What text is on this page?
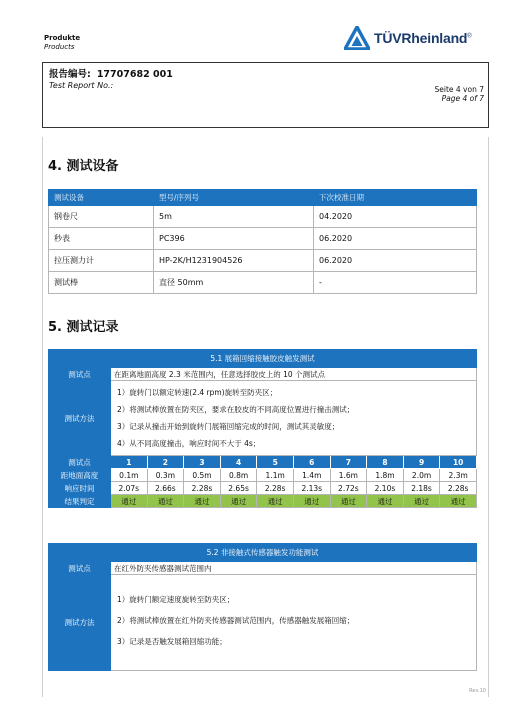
Produkte
Products
TÜVRheinland®
报告编号: 17707682 001
Test Report No.:	Seite 4 von 7
Page 4 of 7
4. 测试设备
测试设备	型号/序列号	下次校准日期
钢卷尺	5m	04.2020
秒表	PC396	06.2020
拉压测力计	HP-2K/H1231904526	06.2020
测试棒	直径 50mm	-
5. 测试记录
5.1 展箱回缩接触胶皮触发测试										
测试点	在距离地面高度 2.3 米范围内，任意选择胶皮上的 10 个测试点									
测试方法	1）旋转门以额定转速(2.4 rpm)旋转至防夹区；
2）将测试棒放置在防夹区，要求在胶皮的不同高度位置进行撞击测试；
3）记录从撞击开始到旋转门展箱回缩完成的时间，测试其灵敏度；
4）从不同高度撞击，响应时间不大于 4s；									

测试点	1	2	3	4	5	6	7	8	9	10
距地面高度	0.1m	0.3m	0.5m	0.8m	1.1m	1.4m	1.6m	1.8m	2.0m	2.3m
响应时间	2.07s	2.66s	2.28s	2.65s	2.28s	2.13s	2.72s	2.10s	2.18s	2.28s
结果判定	通过	通过	通过	通过	通过	通过	通过	通过	通过	通过
5.2 非接触式传感器触发功能测试	
测试点	在红外防夹传感器测试范围内
测试方法	1）旋转门额定速度旋转至防夹区；
2）将测试棒放置在红外防夹传感器测试范围内，传感器触发展箱回缩；
3）记录是否触发展箱回缩功能；
Rev.10
